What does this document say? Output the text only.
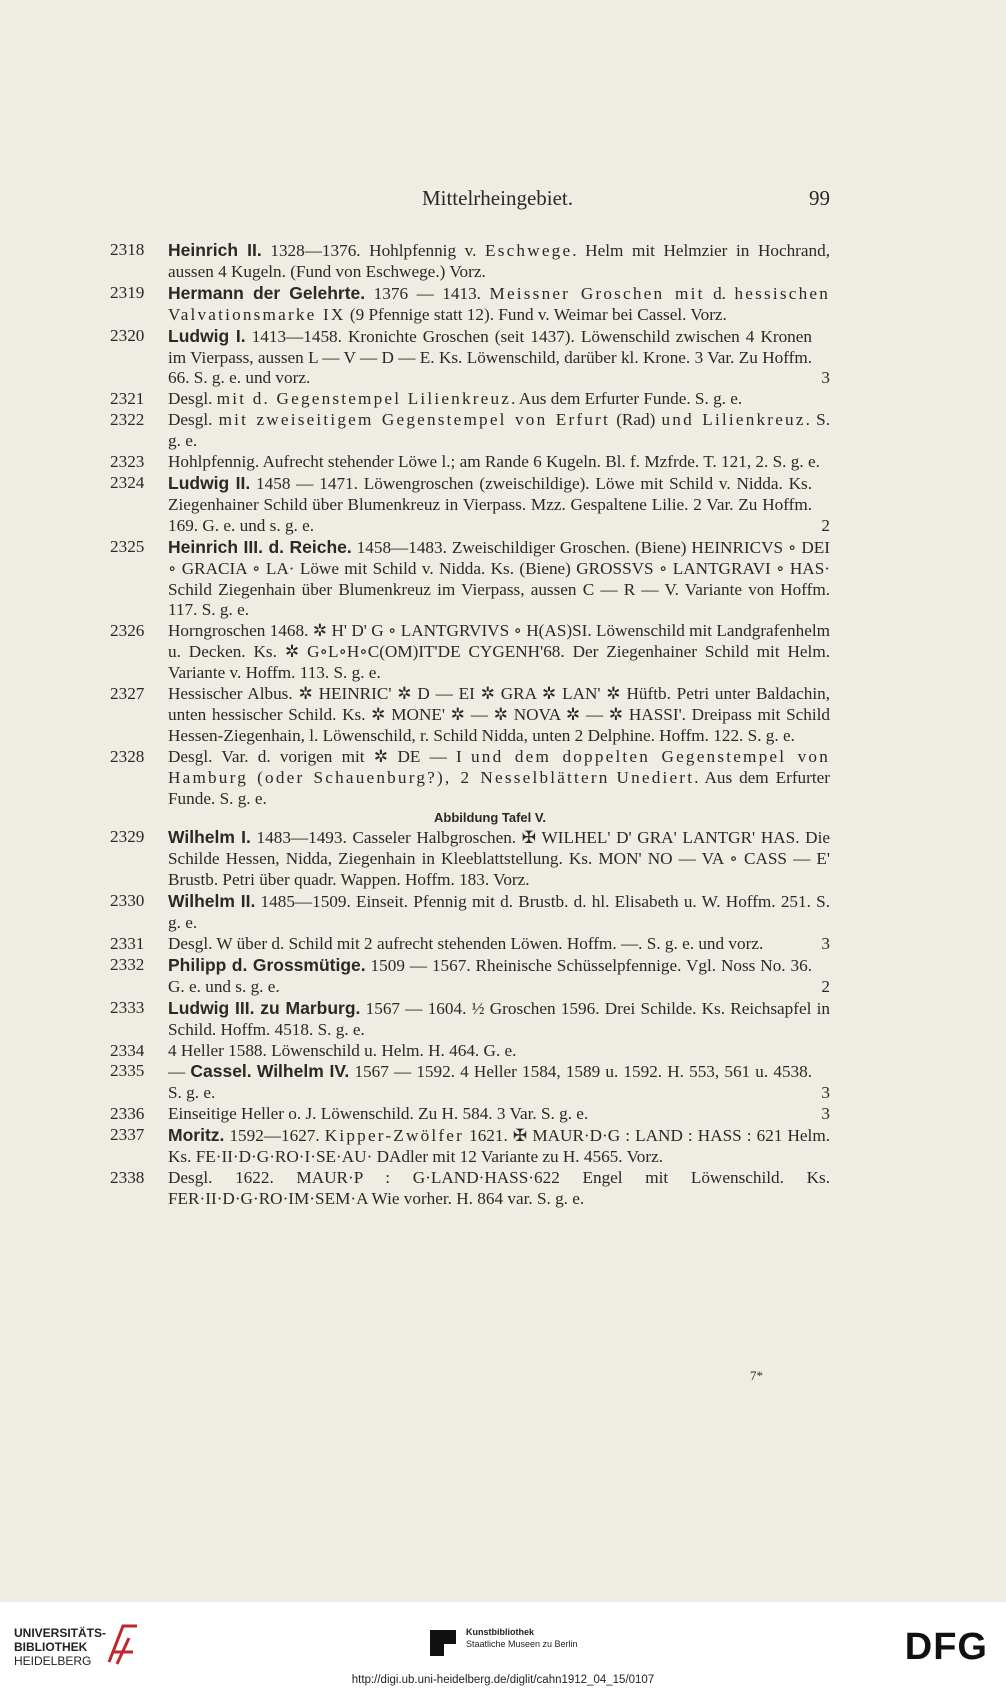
Mittelrheingebiet.	99
2318	Heinrich II. 1328—1376. Hohlpfennig v. Eschwege. Helm mit Helmzier in Hochrand, aussen 4 Kugeln. (Fund von Eschwege.) Vorz.
2319	Hermann der Gelehrte. 1376 — 1413. Meissner Groschen mit d. hessischen Valvationsmarke IX (9 Pfennige statt 12). Fund v. Weimar bei Cassel. Vorz.
2320	Ludwig I. 1413—1458. Kronichte Groschen (seit 1437). Löwenschild zwischen 4 Kronen im Vierpass, aussen L — V — D — E. Ks. Löwenschild, darüber kl. Krone. 3 Var. Zu Hoffm. 66. S. g. e. und vorz.	3
2321	Desgl. mit d. Gegenstempel Lilienkreuz. Aus dem Erfurter Funde. S. g. e.
2322	Desgl. mit zweiseitigem Gegenstempel von Erfurt (Rad) und Lilienkreuz. S. g. e.
2323	Hohlpfennig. Aufrecht stehender Löwe l.; am Rande 6 Kugeln. Bl. f. Mzfrde. T. 121, 2. S. g. e.
2324	Ludwig II. 1458 — 1471. Löwengroschen (zweischildige). Löwe mit Schild v. Nidda. Ks. Ziegenhainer Schild über Blumenkreuz in Vierpass. Mzz. Gespaltene Lilie. 2 Var. Zu Hoffm. 169. G. e. und s. g. e.	2
2325	Heinrich III. d. Reiche. 1458—1483. Zweischildiger Groschen. (Biene) HEINRICVS ∘ DEI ∘ GRACIA ∘ LA· Löwe mit Schild v. Nidda. Ks. (Biene) GROSSVS ∘ LANTGRAVI ∘ HAS· Schild Ziegenhain über Blumenkreuz im Vierpass, aussen C — R — V. Variante von Hoffm. 117. S. g. e.
2326	Horngroschen 1468. ✲ H' D' G ∘ LANTGRVIVS ∘ H(AS)SI. Löwenschild mit Landgrafenhelm u. Decken. Ks. ✲ G∘L∘H∘C(OM)IT'DE CYGENH'68. Der Ziegenhainer Schild mit Helm. Variante v. Hoffm. 113. S. g. e.
2327	Hessischer Albus. ✲ HEINRIC' ✲ D — EI ✲ GRA ✲ LAN' ✲ Hüftb. Petri unter Baldachin, unten hessischer Schild. Ks. ✲ MONE' ✲ — ✲ NOVA ✲ — ✲ HASSI'. Dreipass mit Schild Hessen-Ziegenhain, l. Löwenschild, r. Schild Nidda, unten 2 Delphine. Hoffm. 122. S. g. e.
2328	Desgl. Var. d. vorigen mit ✲ DE — I und dem doppelten Gegenstempel von Hamburg (oder Schauenburg?), 2 Nesselblättern Unediert. Aus dem Erfurter Funde. S. g. e.
Abbildung Tafel V.
2329	Wilhelm I. 1483—1493. Casseler Halbgroschen. ✠ WILHEL' D' GRA' LANTGR' HAS. Die Schilde Hessen, Nidda, Ziegenhain in Kleeblattstellung. Ks. MON' NO — VA ∘ CASS — E' Brustb. Petri über quadr. Wappen. Hoffm. 183. Vorz.
2330	Wilhelm II. 1485—1509. Einseit. Pfennig mit d. Brustb. d. hl. Elisabeth u. W. Hoffm. 251. S. g. e.
2331	Desgl. W über d. Schild mit 2 aufrecht stehenden Löwen. Hoffm. —. S. g. e. und vorz.	3
2332	Philipp d. Grossmütige. 1509 — 1567. Rheinische Schüsselpfennige. Vgl. Noss No. 36. G. e. und s. g. e.	2
2333	Ludwig III. zu Marburg. 1567 — 1604. ½ Groschen 1596. Drei Schilde. Ks. Reichsapfel in Schild. Hoffm. 4518. S. g. e.
2334	4 Heller 1588. Löwenschild u. Helm. H. 464. G. e.
2335	— Cassel. Wilhelm IV. 1567 — 1592. 4 Heller 1584, 1589 u. 1592. H. 553, 561 u. 4538. S. g. e.	3
2336	Einseitige Heller o. J. Löwenschild. Zu H. 584. 3 Var. S. g. e.	3
2337	Moritz. 1592—1627. Kipper-Zwölfer 1621. ✠ MAUR·D·G : LAND : HASS : 621 Helm. Ks. FE·II·D·G·RO·I·SE·AU· DAdler mit 12 Variante zu H. 4565. Vorz.
2338	Desgl. 1622. MAUR·P : G·LAND·HASS·622 Engel mit Löwenschild. Ks. FER·II·D·G·RO·IM·SEM·A Wie vorher. H. 864 var. S. g. e.
7*
UNIVERSITÄTS-
BIBLIOTHEK
HEIDELBERG
Kunstbibliothek
Staatliche Museen zu Berlin	DFG
http://digi.ub.uni-heidelberg.de/diglit/cahn1912_04_15/0107
